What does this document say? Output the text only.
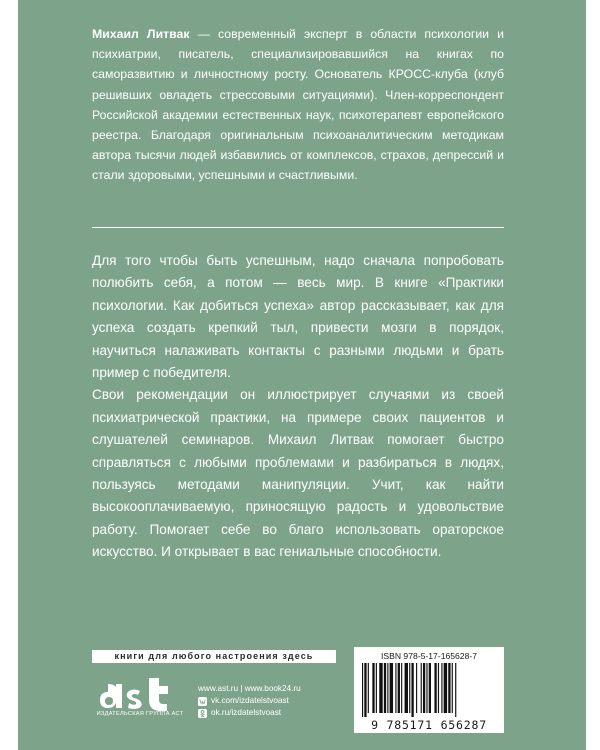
Михаил Литвак — современный эксперт в области психологии и психиатрии, писатель, специализировавшийся на книгах по саморазвитию и личностному росту. Основатель КРОСС-клуба (клуб решивших овладеть стрессовыми ситуациями). Член-корреспондент Российской академии естественных наук, психотерапевт европейского реестра. Благодаря оригинальным психоаналитическим методикам автора тысячи людей избавились от комплексов, страхов, депрессий и стали здоровыми, успешными и счастливыми.

Для того чтобы быть успешным, надо сначала попробовать полюбить себя, а потом — весь мир. В книге «Практики психологии. Как добиться успеха» автор рассказывает, как для успеха создать крепкий тыл, привести мозги в порядок, научиться налаживать контакты с разными людьми и брать пример с победителя.

Свои рекомендации он иллюстрирует случаями из своей психиатрической практики, на примере своих пациентов и слушателей семинаров. Михаил Литвак помогает быстро справляться с любыми проблемами и разбираться в людях, пользуясь методами манипуляции. Учит, как найти высокооплачиваемую, приносящую радость и удовольствие работу. Помогает себе во благо использовать ораторское искусство. И открывает в вас гениальные способности.

книги для любого настроения здесь
ИЗДАТЕЛЬСКАЯ ГРУППА АСТ
www.ast.ru | www.book24.ru
vk.com/izdatelstvoast
ok.ru/izdatelstvoast
ISBN 978-5-17-165628-7
9 785171 656287
